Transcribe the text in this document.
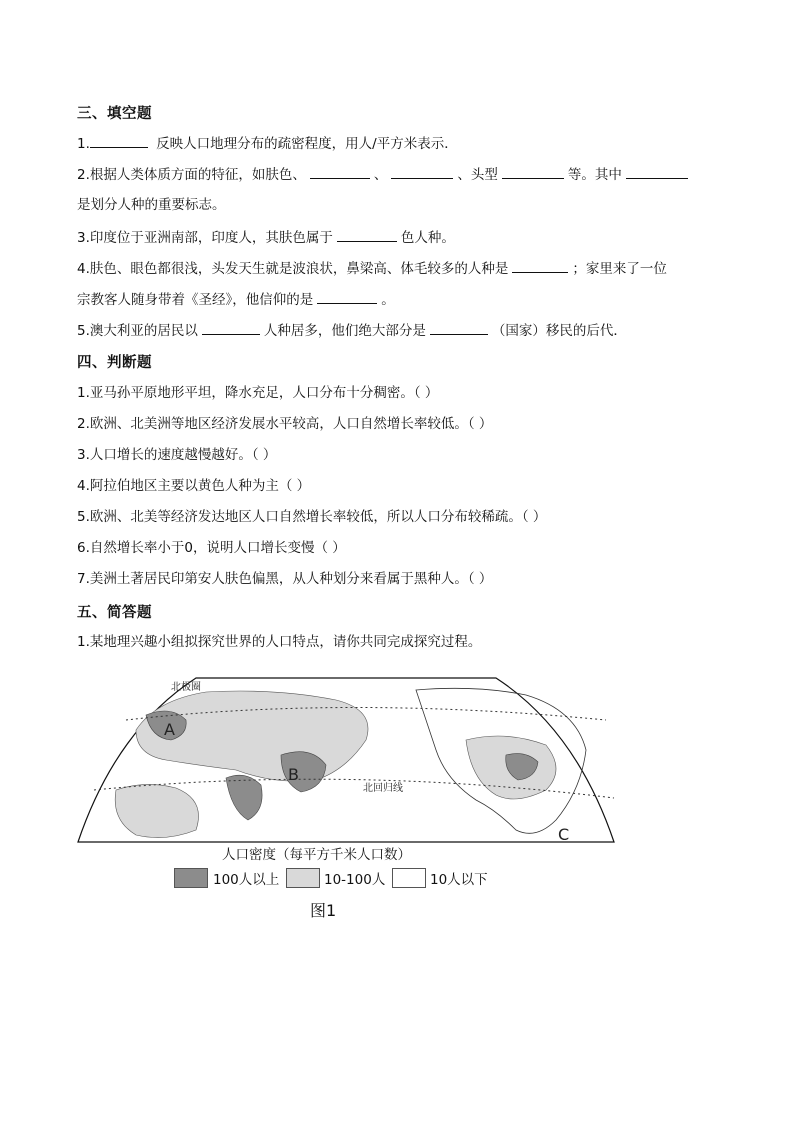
三、填空题
1.	反映人口地理分布的疏密程度，用人/平方米表示．
2.根据人类体质方面的特征，如肤色、	、	、头型	等。其中
是划分人种的重要标志。
3.印度位于亚洲南部，印度人，其肤色属于	色人种。
4.肤色、眼色都很浅，头发天生就是波浪状，鼻梁高、体毛较多的人种是	；家里来了一位
宗教客人随身带着《圣经》，他信仰的是	。
5.澳大利亚的居民以	人种居多，他们绝大部分是	（国家）移民的后代．
四、判断题
1.亚马孙平原地形平坦，降水充足，人口分布十分稠密。（ ）
2.欧洲、北美洲等地区经济发展水平较高，人口自然增长率较低。（ ）
3.人口增长的速度越慢越好。（ ）
4.阿拉伯地区主要以黄色人种为主（ ）
5.欧洲、北美等经济发达地区人口自然增长率较低，所以人口分布较稀疏。（ ）
6.自然增长率小于0，说明人口增长变慢（ ）
7.美洲土著居民印第安人肤色偏黑，从人种划分来看属于黑种人。（ ）
五、简答题
1.某地理兴趣小组拟探究世界的人口特点，请你共同完成探究过程。
北极圈
北回归线
A
B
C
人口密度（每平方千米人口数）
100人以上	10-100人	10人以下
图1
